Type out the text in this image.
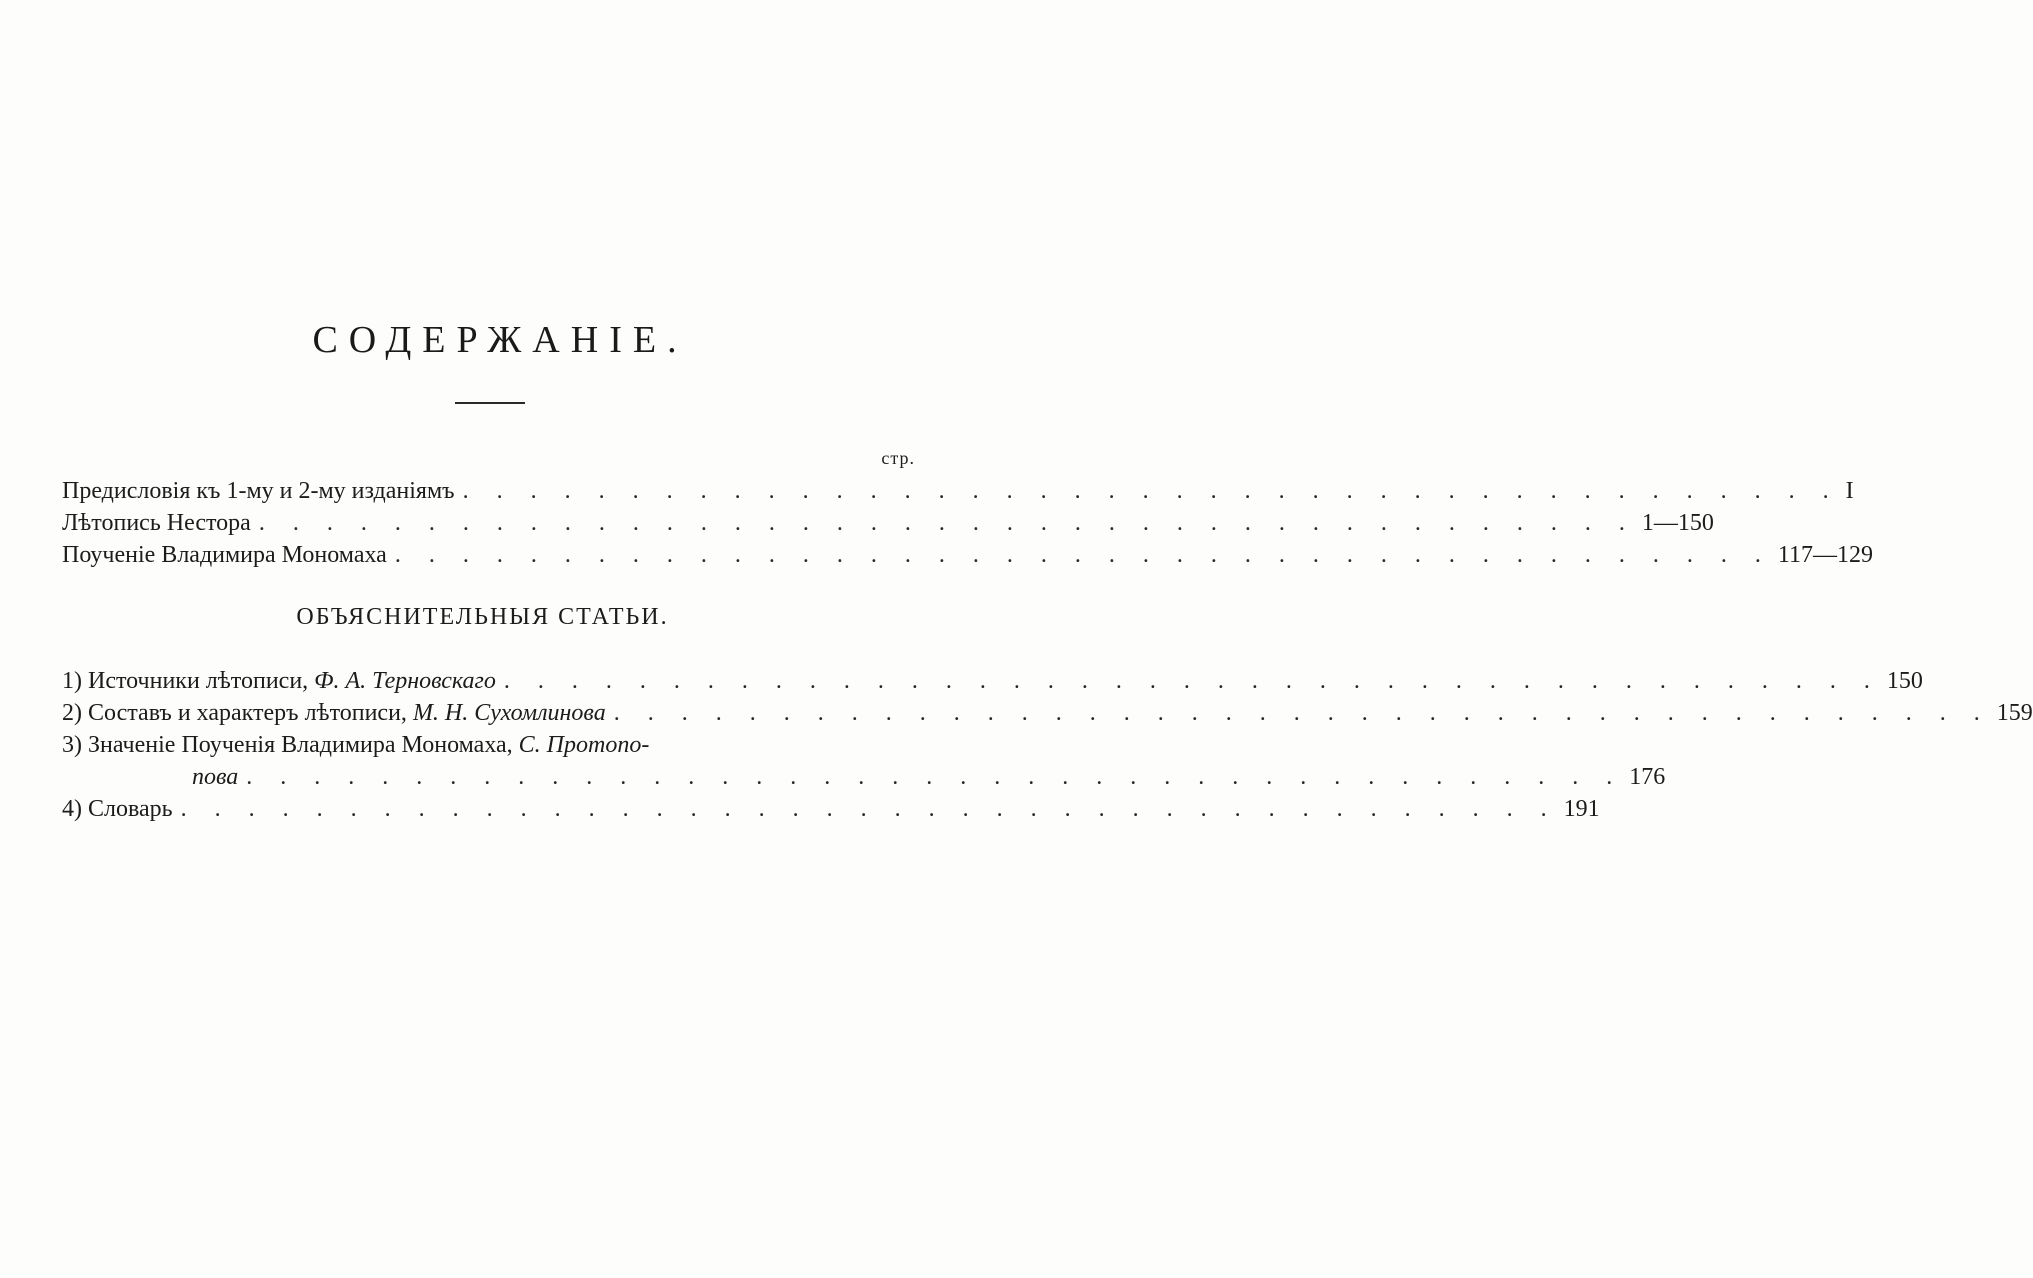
СОДЕРЖАНІЕ.
стр.
Предисловія къ 1-му и 2-му изданіямъ . . . . . . . . . . . . . . . . . . . . . . . . . . . . . . . . . . . . . . . . . I
Лѣтопись Нестора . . . . . . . . . . . . . . . . . . . . . . . . . . . . . . . . . . . . . . . . . 1—150
Поученіе Владимира Мономаха . . . . . . . . . . . . . . . . . . . . . . . . . . . . . . . . . . . . . . . . . 117—129
ОБЪЯСНИТЕЛЬНЫЯ СТАТЬИ.
1) Источники лѣтописи, Ф. А. Терновскаго . . . . . . . . . . . . . . . . . . . . . . . . . . . . . . . . . . . . . . . . . 150
2) Составъ и характеръ лѣтописи, М. Н. Сухомлинова . . . . . . . . . . . . . . . . . . . . . . . . . . . . . . . . . . . . . . . . . 159
3) Значеніе Поученія Владимира Мономаха, С. Протопо-
пова . . . . . . . . . . . . . . . . . . . . . . . . . . . . . . . . . . . . . . . . . 176
4) Словарь . . . . . . . . . . . . . . . . . . . . . . . . . . . . . . . . . . . . . . . . . 191
